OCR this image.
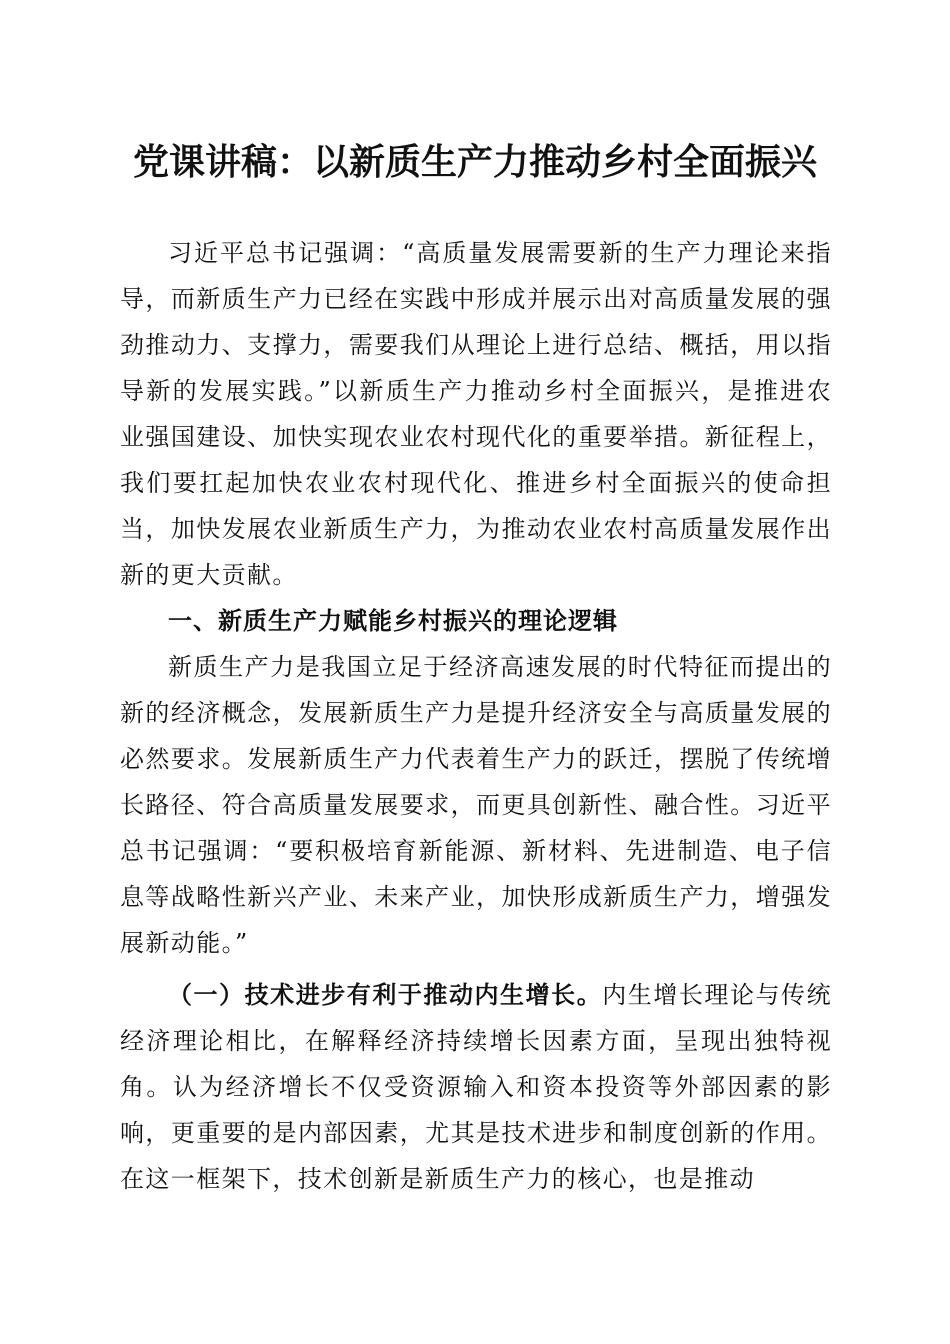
党课讲稿：以新质生产力推动乡村全面振兴

习近平总书记强调：“高质量发展需要新的生产力理论来指导，而新质生产力已经在实践中形成并展示出对高质量发展的强劲推动力、支撑力，需要我们从理论上进行总结、概括，用以指导新的发展实践。”以新质生产力推动乡村全面振兴，是推进农业强国建设、加快实现农业农村现代化的重要举措。新征程上，我们要扛起加快农业农村现代化、推进乡村全面振兴的使命担当，加快发展农业新质生产力，为推动农业农村高质量发展作出新的更大贡献。

一、新质生产力赋能乡村振兴的理论逻辑

新质生产力是我国立足于经济高速发展的时代特征而提出的新的经济概念，发展新质生产力是提升经济安全与高质量发展的必然要求。发展新质生产力代表着生产力的跃迁，摆脱了传统增长路径、符合高质量发展要求，而更具创新性、融合性。习近平总书记强调：“要积极培育新能源、新材料、先进制造、电子信息等战略性新兴产业、未来产业，加快形成新质生产力，增强发展新动能。”

（一）技术进步有利于推动内生增长。内生增长理论与传统经济理论相比，在解释经济持续增长因素方面，呈现出独特视角。认为经济增长不仅受资源输入和资本投资等外部因素的影响，更重要的是内部因素，尤其是技术进步和制度创新的作用。在这一框架下，技术创新是新质生产力的核心，也是推动
